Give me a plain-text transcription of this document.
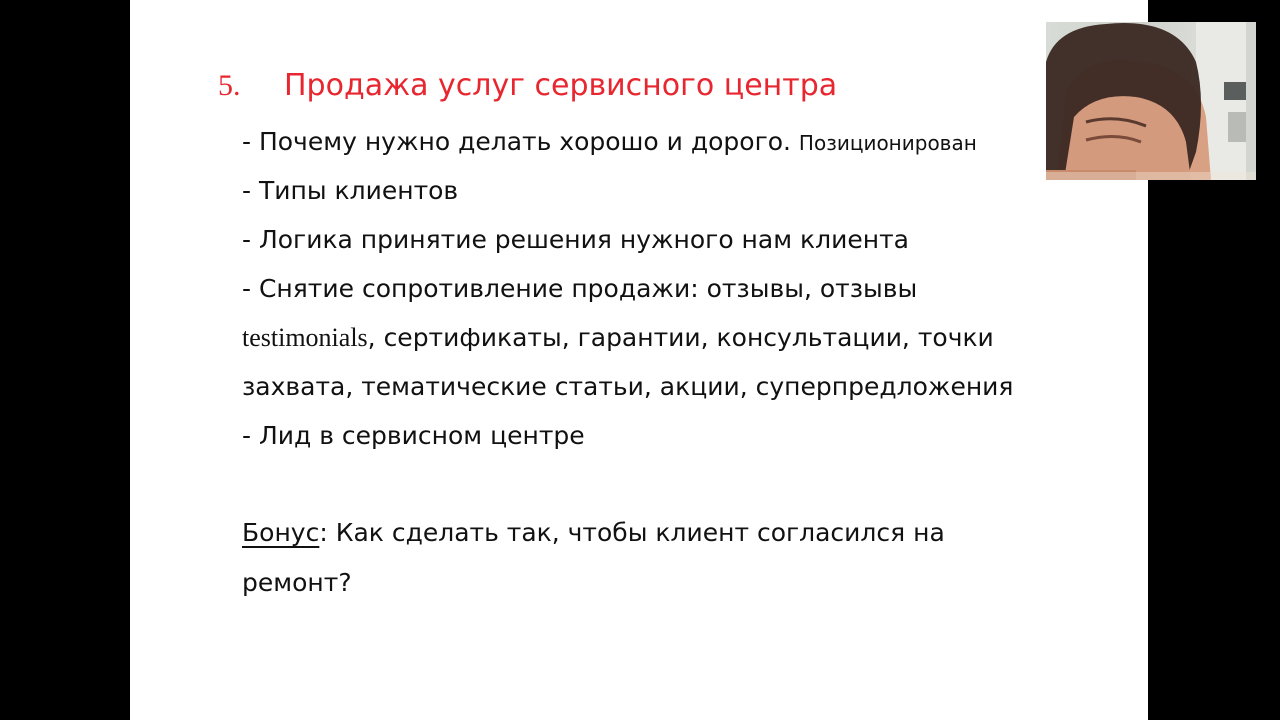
5. Продажа услуг сервисного центра
- Почему нужно делать хорошо и дорого. Позиционирован
- Типы клиентов
- Логика принятие решения нужного нам клиента
- Снятие сопротивление продажи: отзывы, отзывы
testimonials, сертификаты, гарантии, консультации, точки
захвата, тематические статьи, акции, суперпредложения
- Лид в сервисном центре
Бонус: Как сделать так, чтобы клиент согласился на
ремонт?
